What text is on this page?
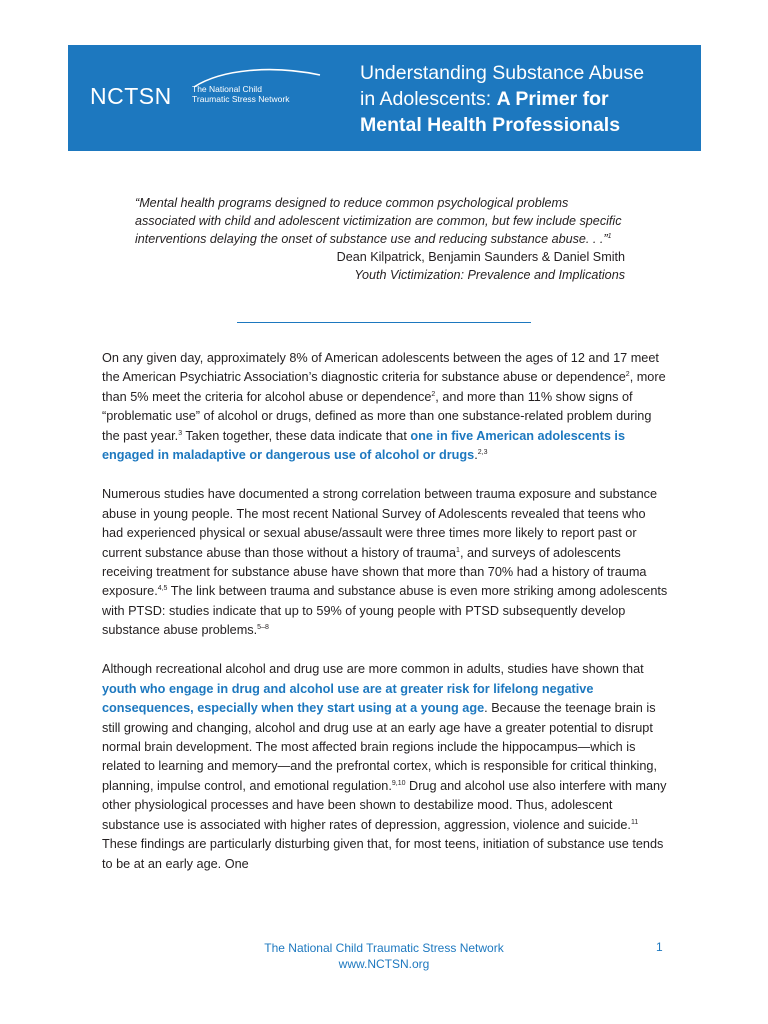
NCTSN The National Child
Traumatic Stress Network
Understanding Substance Abuse
in Adolescents: A Primer for
Mental Health Professionals
“Mental health programs designed to reduce common psychological problems associated with child and adolescent victimization are common, but few include specific interventions delaying the onset of substance use and reducing substance abuse. . .”$^1$
Dean Kilpatrick, Benjamin Saunders & Daniel Smith
Youth Victimization: Prevalence and Implications

On any given day, approximately 8% of American adolescents between the ages of 12 and 17 meet the American Psychiatric Association’s diagnostic criteria for substance abuse or dependence$^2$, more than 5% meet the criteria for alcohol abuse or dependence$^2$, and more than 11% show signs of “problematic use” of alcohol or drugs, defined as more than one substance-related problem during the past year.$^3$ Taken together, these data indicate that one in five American adolescents is engaged in maladaptive or dangerous use of alcohol or drugs.$^{2,3}$

Numerous studies have documented a strong correlation between trauma exposure and substance abuse in young people. The most recent National Survey of Adolescents revealed that teens who had experienced physical or sexual abuse/assault were three times more likely to report past or current substance abuse than those without a history of trauma$^1$, and surveys of adolescents receiving treatment for substance abuse have shown that more than 70% had a history of trauma exposure.$^{4,5}$ The link between trauma and substance abuse is even more striking among adolescents with PTSD: studies indicate that up to 59% of young people with PTSD subsequently develop substance abuse problems.$^{5-8}$

Although recreational alcohol and drug use are more common in adults, studies have shown that youth who engage in drug and alcohol use are at greater risk for lifelong negative consequences, especially when they start using at a young age. Because the teenage brain is still growing and changing, alcohol and drug use at an early age have a greater potential to disrupt normal brain development. The most affected brain regions include the hippocampus—which is related to learning and memory—and the prefrontal cortex, which is responsible for critical thinking, planning, impulse control, and emotional regulation.$^{9,10}$ Drug and alcohol use also interfere with many other physiological processes and have been shown to destabilize mood. Thus, adolescent substance use is associated with higher rates of depression, aggression, violence and suicide.$^{11}$ These findings are particularly disturbing given that, for most teens, initiation of substance use tends to be at an early age. One

The National Child Traumatic Stress Network
www.NCTSN.org
1
